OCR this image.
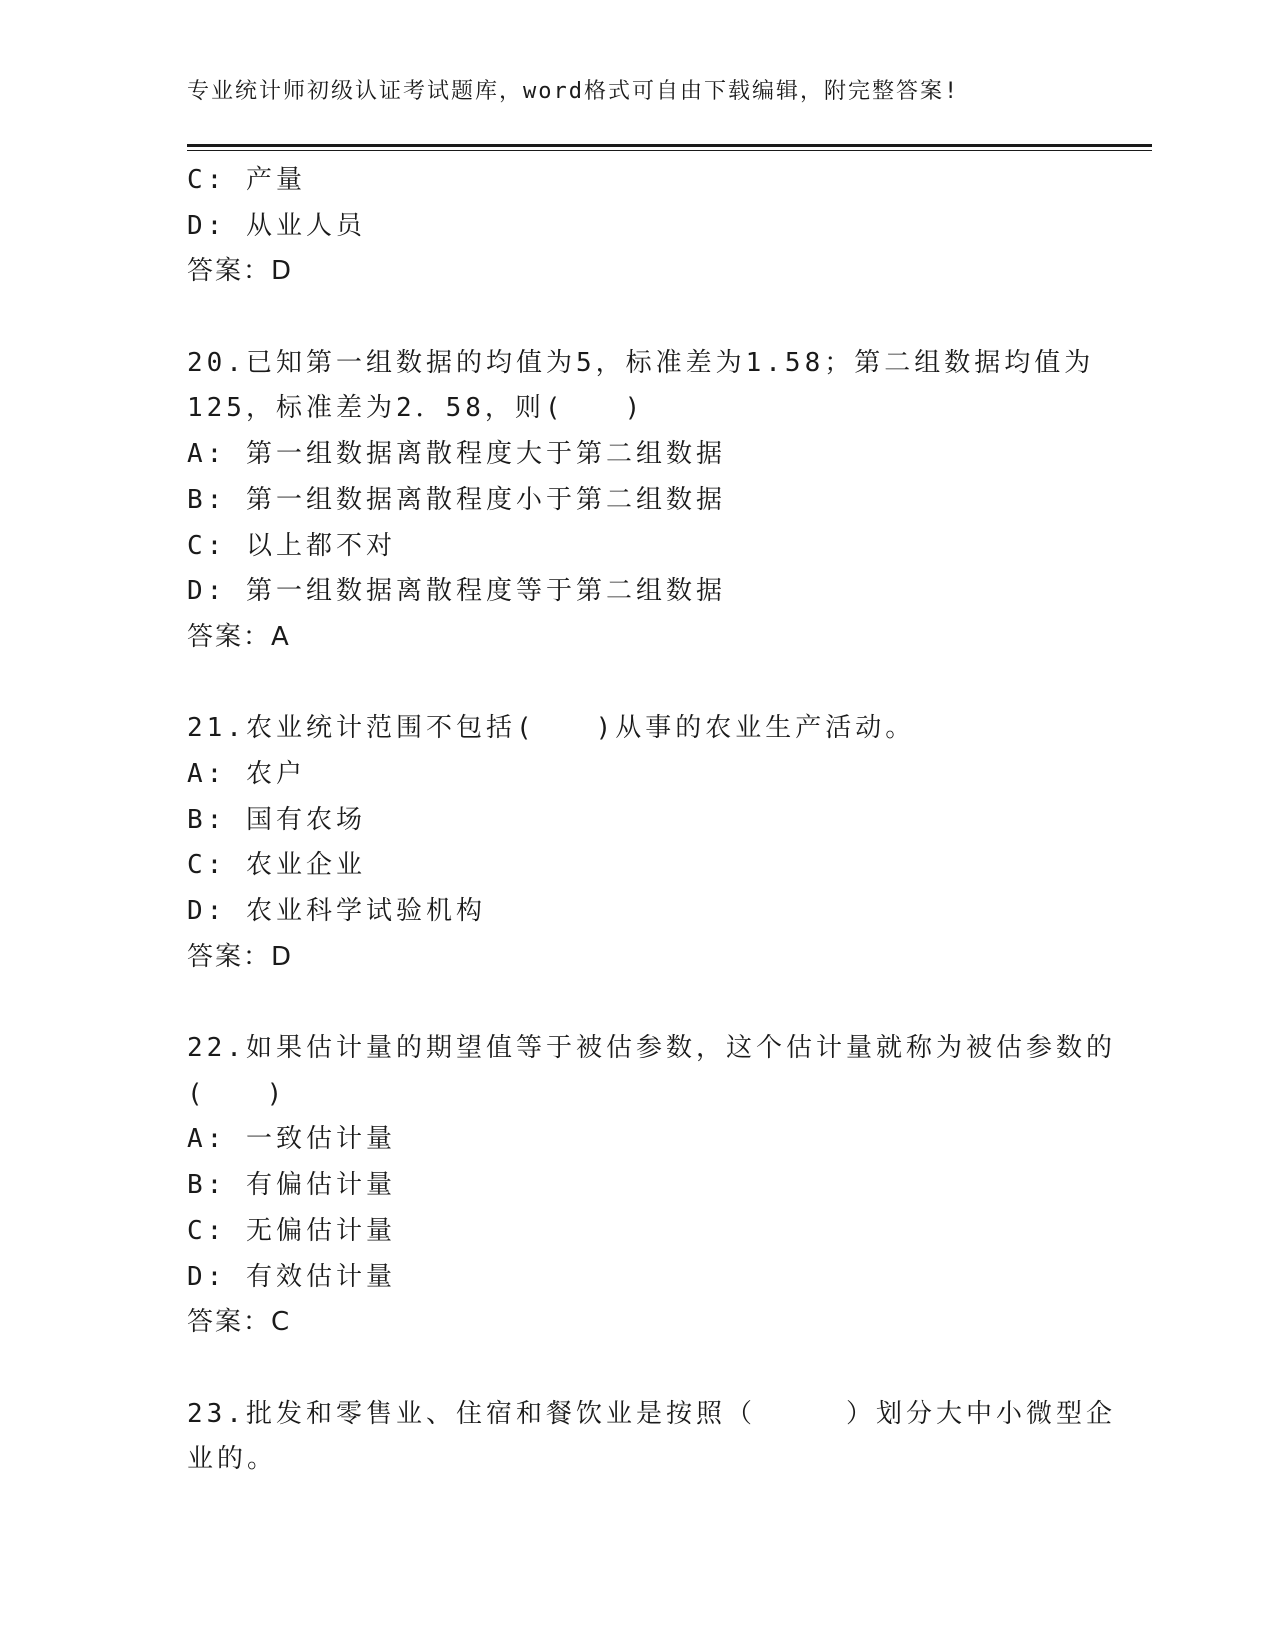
专业统计师初级认证考试题库，word格式可自由下载编辑，附完整答案!
C: 产量
D: 从业人员
答案：D
20.已知第一组数据的均值为5，标准差为1.58；第二组数据均值为
125，标准差为2．58，则(　　)
A: 第一组数据离散程度大于第二组数据
B: 第一组数据离散程度小于第二组数据
C: 以上都不对
D: 第一组数据离散程度等于第二组数据
答案：A
21.农业统计范围不包括(　　)从事的农业生产活动。
A: 农户
B: 国有农场
C: 农业企业
D: 农业科学试验机构
答案：D
22.如果估计量的期望值等于被估参数，这个估计量就称为被估参数的
(　　)
A: 一致估计量
B: 有偏估计量
C: 无偏估计量
D: 有效估计量
答案：C
23.批发和零售业、住宿和餐饮业是按照（　　　）划分大中小微型企
业的。
